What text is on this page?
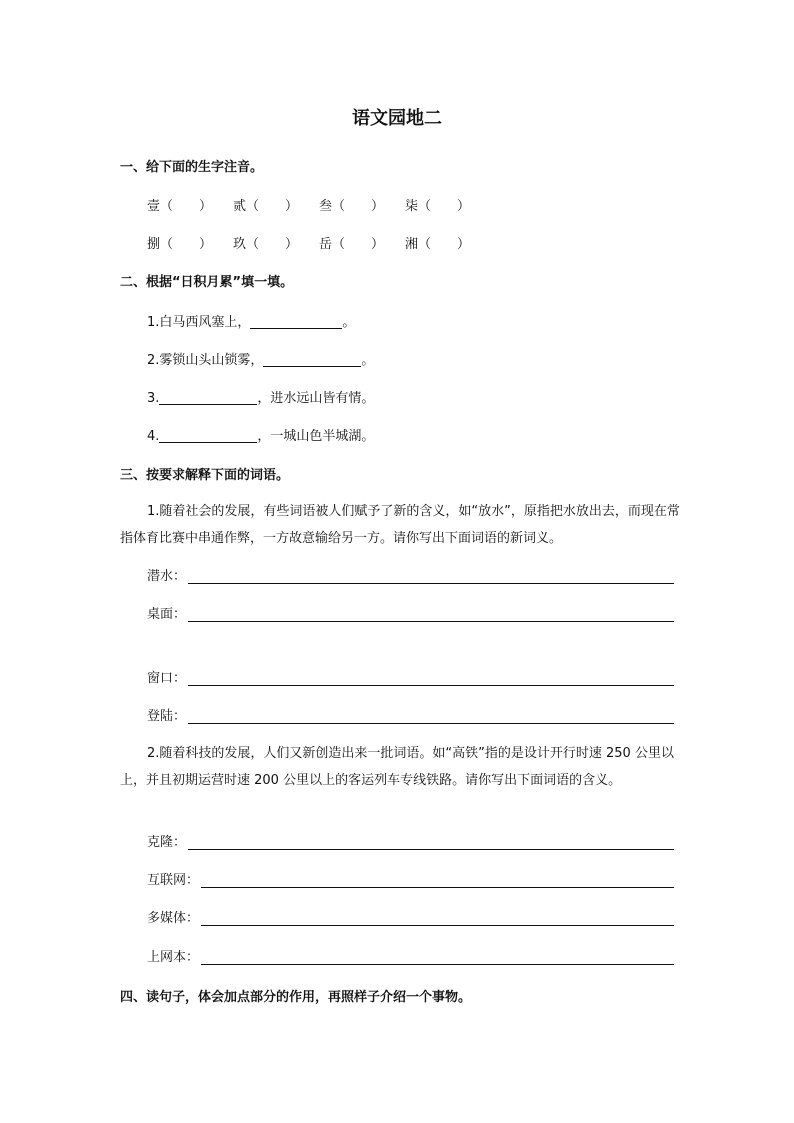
语文园地二
一、给下面的生字注音。
壹（　　） 贰（　　） 叁（　　） 柒（　　）
捌（　　） 玖（　　） 岳（　　） 湘（　　）
二、根据“日积月累”填一填。
1.白马西风塞上，	。
2.雾锁山头山锁雾，	。
3.	，进水远山皆有情。
4.	，一城山色半城湖。
三、按要求解释下面的词语。
1.随着社会的发展，有些词语被人们赋予了新的含义，如“放水”，原指把水放出去，而现在常指体育比赛中串通作弊，一方故意输给另一方。请你写出下面词语的新词义。
潜水：
桌面：
窗口：
登陆：
2.随着科技的发展，人们又新创造出来一批词语。如“高铁”指的是设计开行时速 250 公里以上，并且初期运营时速 200 公里以上的客运列车专线铁路。请你写出下面词语的含义。
克隆：
互联网：
多媒体：
上网本：
四、读句子，体会加点部分的作用，再照样子介绍一个事物。
